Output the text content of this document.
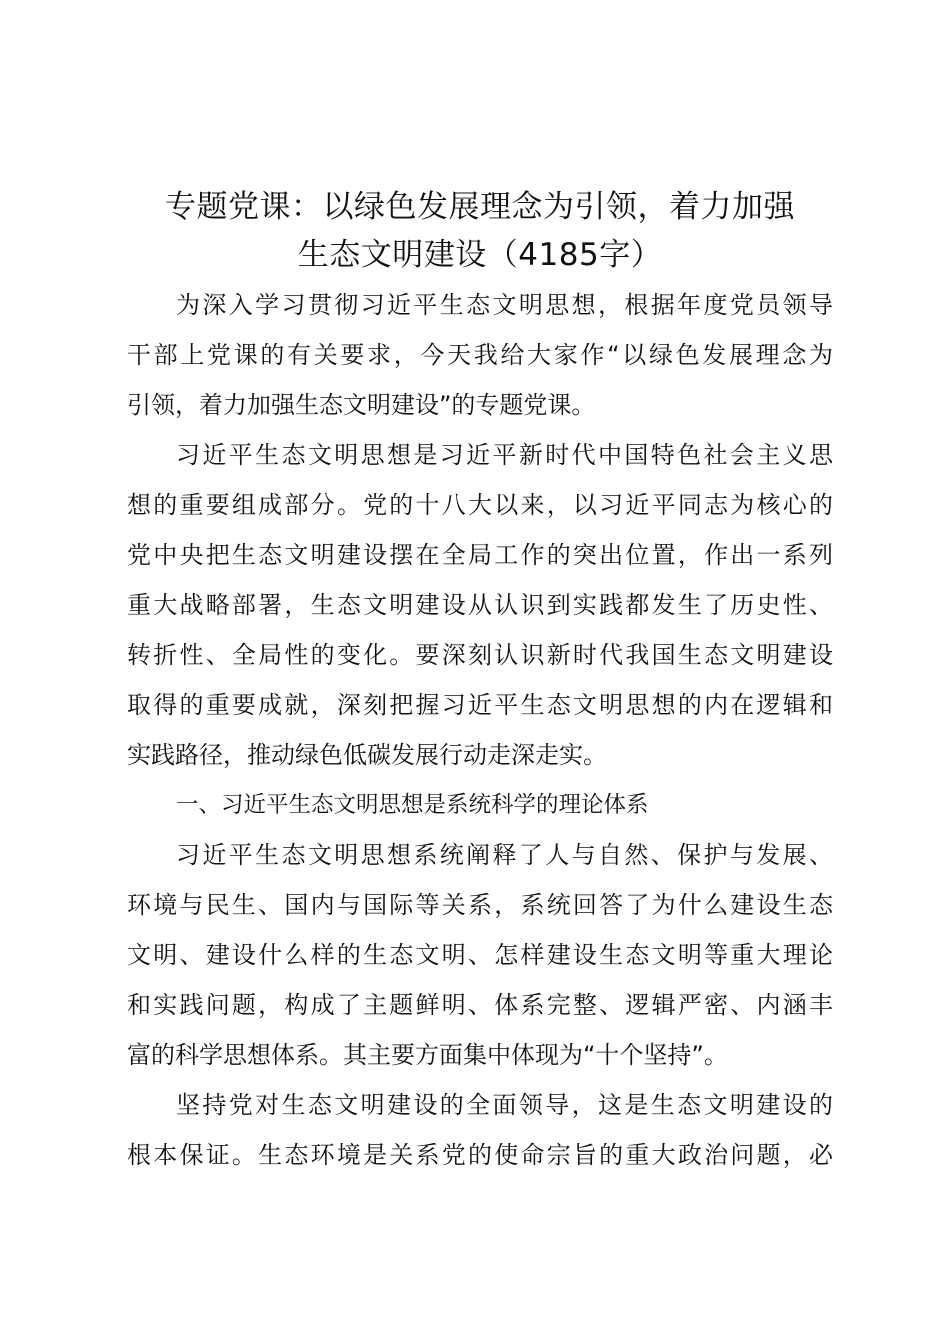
专题党课：以绿色发展理念为引领，着力加强
生态文明建设（4185字）
为深入学习贯彻习近平生态文明思想，根据年度党员领导
干部上党课的有关要求，今天我给大家作“以绿色发展理念为
引领，着力加强生态文明建设”的专题党课。
习近平生态文明思想是习近平新时代中国特色社会主义思
想的重要组成部分。党的十八大以来，以习近平同志为核心的
党中央把生态文明建设摆在全局工作的突出位置，作出一系列
重大战略部署，生态文明建设从认识到实践都发生了历史性、
转折性、全局性的变化。要深刻认识新时代我国生态文明建设
取得的重要成就，深刻把握习近平生态文明思想的内在逻辑和
实践路径，推动绿色低碳发展行动走深走实。
一、习近平生态文明思想是系统科学的理论体系
习近平生态文明思想系统阐释了人与自然、保护与发展、
环境与民生、国内与国际等关系，系统回答了为什么建设生态
文明、建设什么样的生态文明、怎样建设生态文明等重大理论
和实践问题，构成了主题鲜明、体系完整、逻辑严密、内涵丰
富的科学思想体系。其主要方面集中体现为“十个坚持”。
坚持党对生态文明建设的全面领导，这是生态文明建设的
根本保证。生态环境是关系党的使命宗旨的重大政治问题，必
